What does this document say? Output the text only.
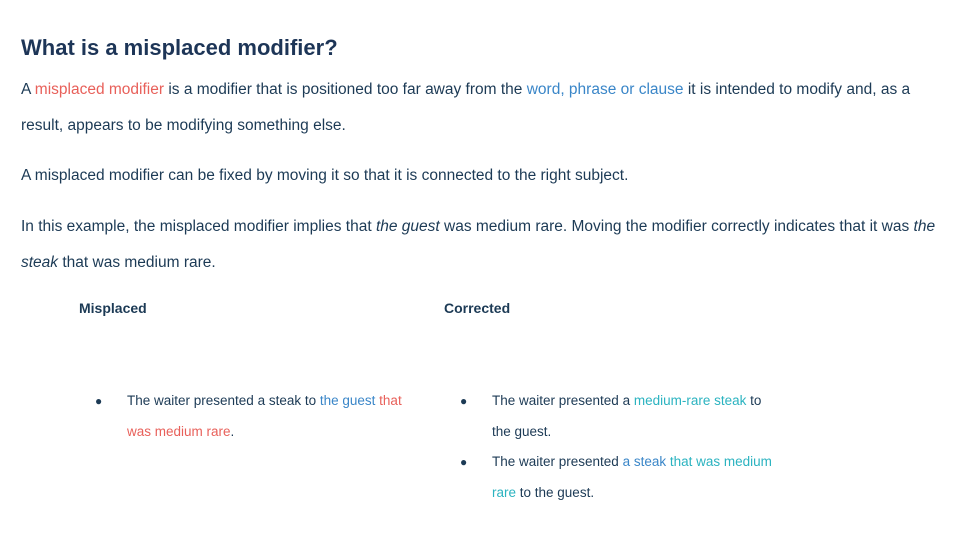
What is a misplaced modifier?

A misplaced modifier is a modifier that is positioned too far away from the word, phrase or clause it is intended to modify and, as a result, appears to be modifying something else.

A misplaced modifier can be fixed by moving it so that it is connected to the right subject.

In this example, the misplaced modifier implies that the guest was medium rare. Moving the modifier correctly indicates that it was the steak that was medium rare.

Misplaced	Corrected
● The waiter presented a steak to the guest that was medium rare.
● The waiter presented a medium-rare steak to the guest.
● The waiter presented a steak that was medium rare to the guest.
